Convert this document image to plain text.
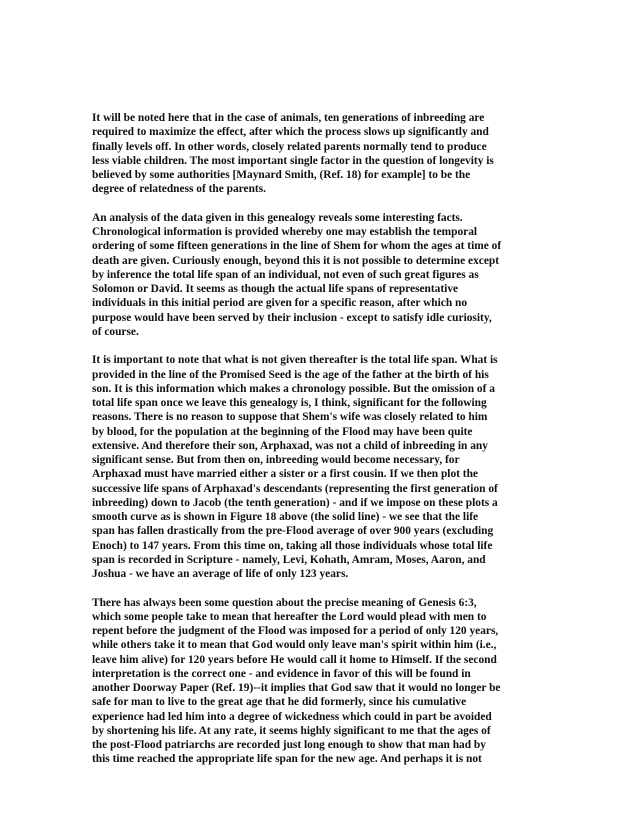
It will be noted here that in the case of animals, ten generations of inbreeding are
required to maximize the effect, after which the process slows up significantly and
finally levels off. In other words, closely related parents normally tend to produce
less viable children. The most important single factor in the question of longevity is
believed by some authorities [Maynard Smith, (Ref. 18) for example] to be the
degree of relatedness of the parents.
An analysis of the data given in this genealogy reveals some interesting facts.
Chronological information is provided whereby one may establish the temporal
ordering of some fifteen generations in the line of Shem for whom the ages at time of
death are given. Curiously enough, beyond this it is not possible to determine except
by inference the total life span of an individual, not even of such great figures as
Solomon or David. It seems as though the actual life spans of representative
individuals in this initial period are given for a specific reason, after which no
purpose would have been served by their inclusion - except to satisfy idle curiosity,
of course.
It is important to note that what is not given thereafter is the total life span. What is
provided in the line of the Promised Seed is the age of the father at the birth of his
son. It is this information which makes a chronology possible. But the omission of a
total life span once we leave this genealogy is, I think, significant for the following
reasons. There is no reason to suppose that Shem's wife was closely related to him
by blood, for the population at the beginning of the Flood may have been quite
extensive. And therefore their son, Arphaxad, was not a child of inbreeding in any
significant sense. But from then on, inbreeding would become necessary, for
Arphaxad must have married either a sister or a first cousin. If we then plot the
successive life spans of Arphaxad's descendants (representing the first generation of
inbreeding) down to Jacob (the tenth generation) - and if we impose on these plots a
smooth curve as is shown in Figure 18 above (the solid line) - we see that the life
span has fallen drastically from the pre-Flood average of over 900 years (excluding
Enoch) to 147 years. From this time on, taking all those individuals whose total life
span is recorded in Scripture - namely, Levi, Kohath, Amram, Moses, Aaron, and
Joshua - we have an average of life of only 123 years.
There has always been some question about the precise meaning of Genesis 6:3,
which some people take to mean that hereafter the Lord would plead with men to
repent before the judgment of the Flood was imposed for a period of only 120 years,
while others take it to mean that God would only leave man's spirit within him (i.e.,
leave him alive) for 120 years before He would call it home to Himself. If the second
interpretation is the correct one - and evidence in favor of this will be found in
another Doorway Paper (Ref. 19)--it implies that God saw that it would no longer be
safe for man to live to the great age that he did formerly, since his cumulative
experience had led him into a degree of wickedness which could in part be avoided
by shortening his life. At any rate, it seems highly significant to me that the ages of
the post-Flood patriarchs are recorded just long enough to show that man had by
this time reached the appropriate life span for the new age. And perhaps it is not
